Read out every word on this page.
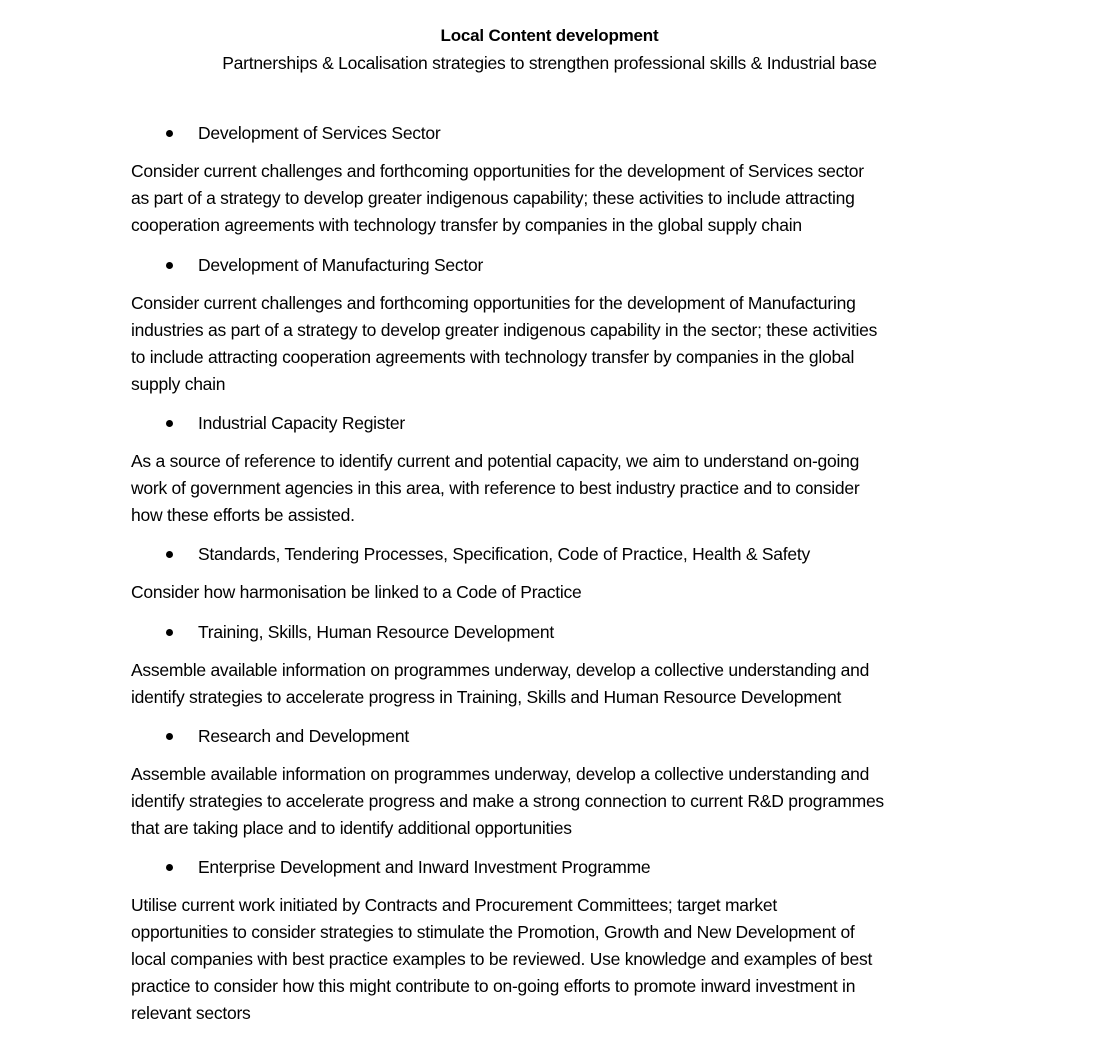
Local Content development
Partnerships & Localisation strategies to strengthen professional skills & Industrial base
Development of Services Sector
Consider current challenges and forthcoming opportunities for the development of Services sector
as part of a strategy to develop greater indigenous capability; these activities to include attracting
cooperation agreements with technology transfer by companies in the global supply chain
Development of Manufacturing Sector
Consider current challenges and forthcoming opportunities for the development of Manufacturing
industries as part of a strategy to develop greater indigenous capability in the sector; these activities
to include attracting cooperation agreements with technology transfer by companies in the global
supply chain
Industrial Capacity Register
As a source of reference to identify current and potential capacity, we aim to understand on-going
work of government agencies in this area, with reference to best industry practice and to consider
how these efforts be assisted.
Standards, Tendering Processes, Specification, Code of Practice, Health & Safety
Consider how harmonisation be linked to a Code of Practice
Training, Skills, Human Resource Development
Assemble available information on programmes underway, develop a collective understanding and
identify strategies to accelerate progress in Training, Skills and Human Resource Development
Research and Development
Assemble available information on programmes underway, develop a collective understanding and
identify strategies to accelerate progress and make a strong connection to current R&D programmes
that are taking place and to identify additional opportunities
Enterprise Development and Inward Investment Programme
Utilise current work initiated by Contracts and Procurement Committees; target market
opportunities to consider strategies to stimulate the Promotion, Growth and New Development of
local companies with best practice examples to be reviewed. Use knowledge and examples of best
practice to consider how this might contribute to on-going efforts to promote inward investment in
relevant sectors
